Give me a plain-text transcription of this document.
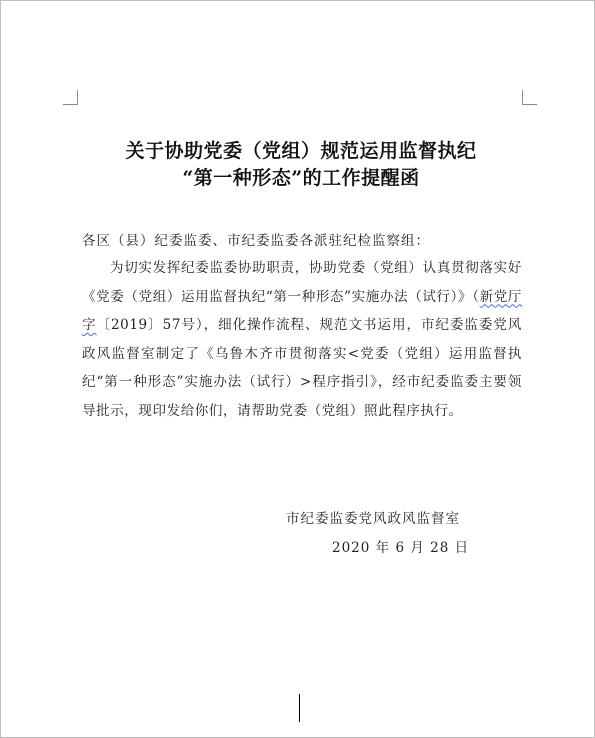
关于协助党委（党组）规范运用监督执纪
“第一种形态”的工作提醒函
各区（县）纪委监委、市纪委监委各派驻纪检监察组：
为切实发挥纪委监委协助职责，协助党委（党组）认真贯彻落实好《党委（党组）运用监督执纪“第一种形态”实施办法（试行）》（新党厅字〔2019〕57号），细化操作流程、规范文书运用，市纪委监委党风政风监督室制定了《乌鲁木齐市贯彻落实<党委（党组）运用监督执纪“第一种形态”实施办法（试行）>程序指引》，经市纪委监委主要领导批示，现印发给你们，请帮助党委（党组）照此程序执行。
市纪委监委党风政风监督室
2020 年 6 月 28 日
